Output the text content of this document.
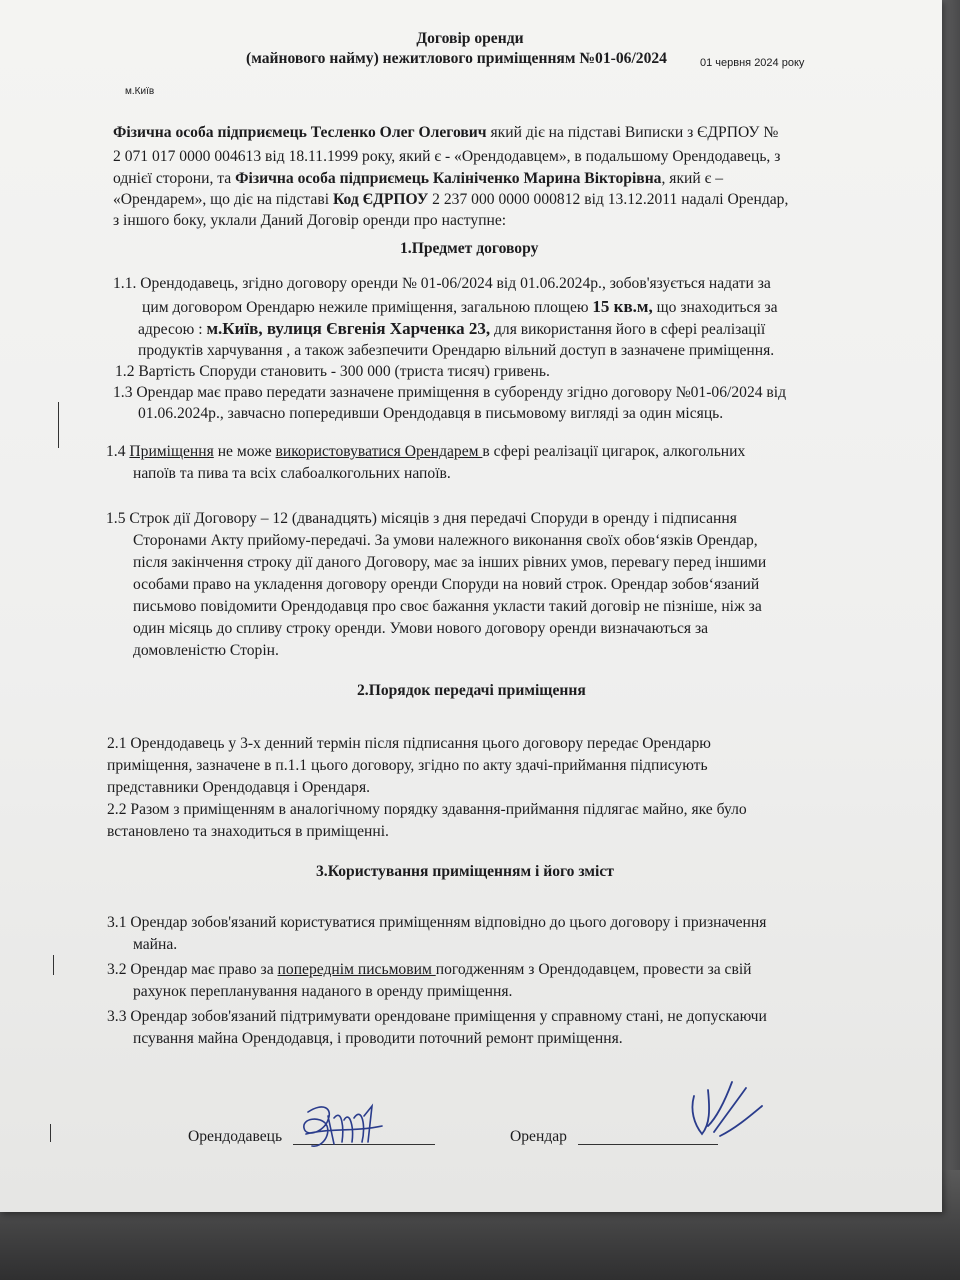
Договір оренди
(майнового найму) нежитлового приміщенням №01-06/2024	01 червня 2024 року
м.Київ
Фізична особа підприємець Тесленко Олег Олегович який діє на підставі Виписки з ЄДРПОУ №
2 071 017 0000 004613 від 18.11.1999 року, який є - «Орендодавцем», в подальшому Орендодавець, з
однієї сторони, та Фізична особа підприємець Калініченко Марина Вікторівна, який є –
«Орендарем», що діє на підставі Код ЄДРПОУ 2 237 000 0000 000812 від 13.12.2011 надалі Орендар,
з іншого боку, уклали Даний Договір оренди про наступне:
1.Предмет договору
1.1. Орендодавець, згідно договору оренди № 01-06/2024 від 01.06.2024р., зобов'язується надати за
цим договором Орендарю нежиле приміщення, загальною площею 15 кв.м, що знаходиться за
адресою : м.Київ, вулиця Євгенія Харченка 23, для використання його в сфері реалізації
продуктів харчування , а також забезпечити Орендарю вільний доступ в зазначене приміщення.
1.2 Вартість Споруди становить - 300 000 (триста тисяч) гривень.
1.3 Орендар має право передати зазначене приміщення в суборенду згідно договору №01-06/2024 від
01.06.2024р., завчасно попередивши Орендодавця в письмовому вигляді за один місяць.
1.4 Приміщення не може використовуватися Орендарем в сфері реалізації цигарок, алкогольних
напоїв та пива та всіх слабоалкогольних напоїв.
1.5 Строк дії Договору – 12 (дванадцять) місяців з дня передачі Споруди в оренду і підписання
Сторонами Акту прийому-передачі. За умови належного виконання своїх обов‘язків Орендар,
після закінчення строку дії даного Договору, має за інших рівних умов, перевагу перед іншими
особами право на укладення договору оренди Споруди на новий строк. Орендар зобов‘язаний
письмово повідомити Орендодавця про своє бажання укласти такий договір не пізніше, ніж за
один місяць до спливу строку оренди. Умови нового договору оренди визначаються за
домовленістю Сторін.
2.Порядок передачі приміщення
2.1 Орендодавець у 3-х денний термін після підписання цього договору передає Орендарю
приміщення, зазначене в п.1.1 цього договору, згідно по акту здачі-приймання підписують
представники Орендодавця і Орендаря.
2.2 Разом з приміщенням в аналогічному порядку здавання-приймання підлягає майно, яке було
встановлено та знаходиться в приміщенні.
3.Користування приміщенням і його зміст
3.1 Орендар зобов'язаний користуватися приміщенням відповідно до цього договору і призначення
майна.
3.2 Орендар має право за попереднім письмовим погодженням з Орендодавцем, провести за свій
рахунок перепланування наданого в оренду приміщення.
3.3 Орендар зобов'язаний підтримувати орендоване приміщення у справному стані, не допускаючи
псування майна Орендодавця, і проводити поточний ремонт приміщення.
Орендодавець	Орендар
